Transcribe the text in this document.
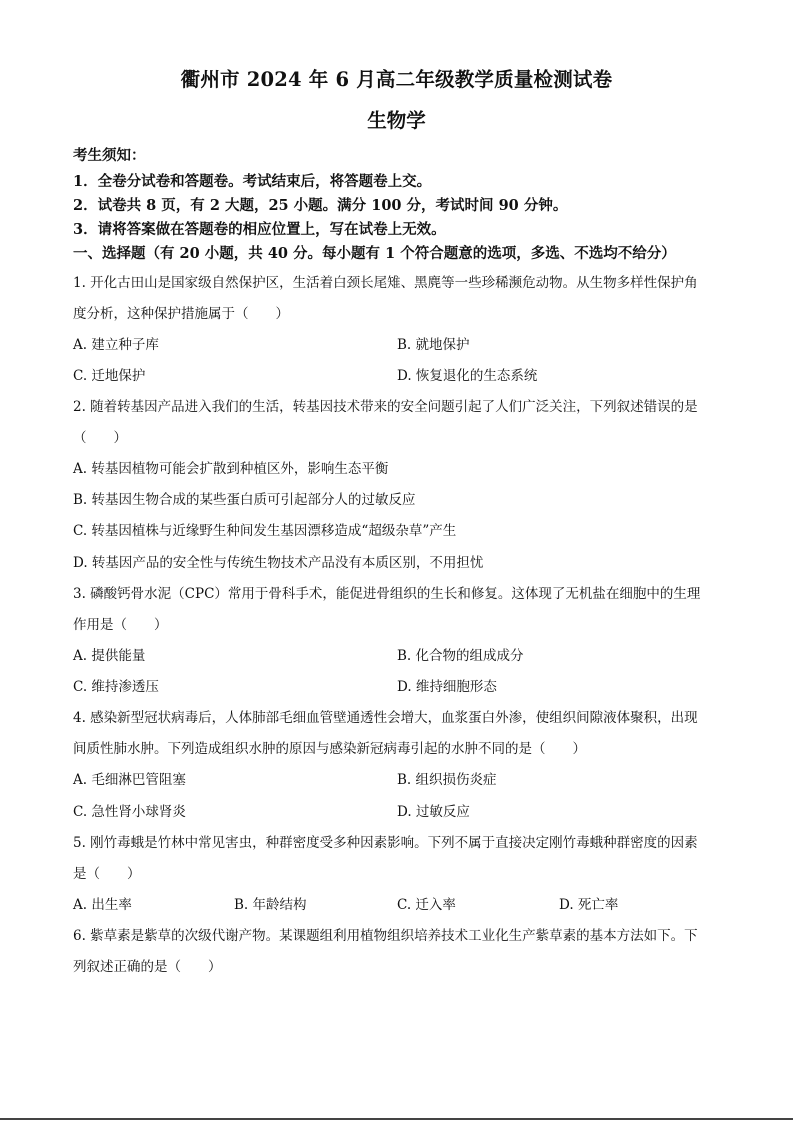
衢州市 2024 年 6 月高二年级教学质量检测试卷
生物学
考生须知：
1．全卷分试卷和答题卷。考试结束后，将答题卷上交。
2．试卷共 8 页，有 2 大题，25 小题。满分 100 分，考试时间 90 分钟。
3．请将答案做在答题卷的相应位置上，写在试卷上无效。
一、选择题（有 20 小题，共 40 分。每小题有 1 个符合题意的选项，多选、不选均不给分）
1. 开化古田山是国家级自然保护区，生活着白颈长尾雉、黑麂等一些珍稀濒危动物。从生物多样性保护角
度分析，这种保护措施属于（　　）
A. 建立种子库	B. 就地保护
C. 迁地保护	D. 恢复退化的生态系统
2. 随着转基因产品进入我们的生活，转基因技术带来的安全问题引起了人们广泛关注，下列叙述错误的是
（　　）
A. 转基因植物可能会扩散到种植区外，影响生态平衡
B. 转基因生物合成的某些蛋白质可引起部分人的过敏反应
C. 转基因植株与近缘野生种间发生基因漂移造成“超级杂草”产生
D. 转基因产品的安全性与传统生物技术产品没有本质区别，不用担忧
3. 磷酸钙骨水泥（CPC）常用于骨科手术，能促进骨组织的生长和修复。这体现了无机盐在细胞中的生理
作用是（　　）
A. 提供能量	B. 化合物的组成成分
C. 维持渗透压	D. 维持细胞形态
4. 感染新型冠状病毒后，人体肺部毛细血管壁通透性会增大，血浆蛋白外渗，使组织间隙液体聚积，出现
间质性肺水肿。下列造成组织水肿的原因与感染新冠病毒引起的水肿不同的是（　　）
A. 毛细淋巴管阻塞	B. 组织损伤炎症
C. 急性肾小球肾炎	D. 过敏反应
5. 刚竹毒蛾是竹林中常见害虫，种群密度受多种因素影响。下列不属于直接决定刚竹毒蛾种群密度的因素
是（　　）
A. 出生率	B. 年龄结构	C. 迁入率	D. 死亡率
6. 紫草素是紫草的次级代谢产物。某课题组利用植物组织培养技术工业化生产紫草素的基本方法如下。下
列叙述正确的是（　　）
